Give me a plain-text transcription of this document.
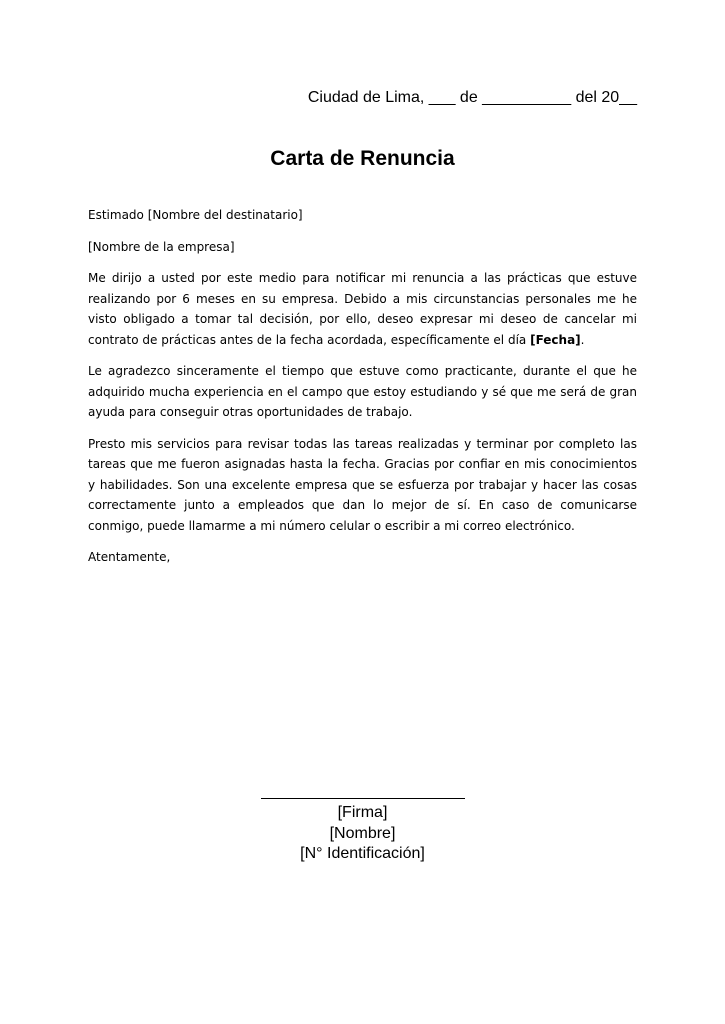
Ciudad de Lima, ___ de __________ del 20__
Carta de Renuncia

Estimado [Nombre del destinatario]

[Nombre de la empresa]

Me dirijo a usted por este medio para notificar mi renuncia a las prácticas que estuve realizando por 6 meses en su empresa. Debido a mis circunstancias personales me he visto obligado a tomar tal decisión, por ello, deseo expresar mi deseo de cancelar mi contrato de prácticas antes de la fecha acordada, específicamente el día [Fecha].

Le agradezco sinceramente el tiempo que estuve como practicante, durante el que he adquirido mucha experiencia en el campo que estoy estudiando y sé que me será de gran ayuda para conseguir otras oportunidades de trabajo.

Presto mis servicios para revisar todas las tareas realizadas y terminar por completo las tareas que me fueron asignadas hasta la fecha. Gracias por confiar en mis conocimientos y habilidades. Son una excelente empresa que se esfuerza por trabajar y hacer las cosas correctamente junto a empleados que dan lo mejor de sí. En caso de comunicarse conmigo, puede llamarme a mi número celular o escribir a mi correo electrónico.

Atentamente,

[Firma]
[Nombre]
[N° Identificación]
